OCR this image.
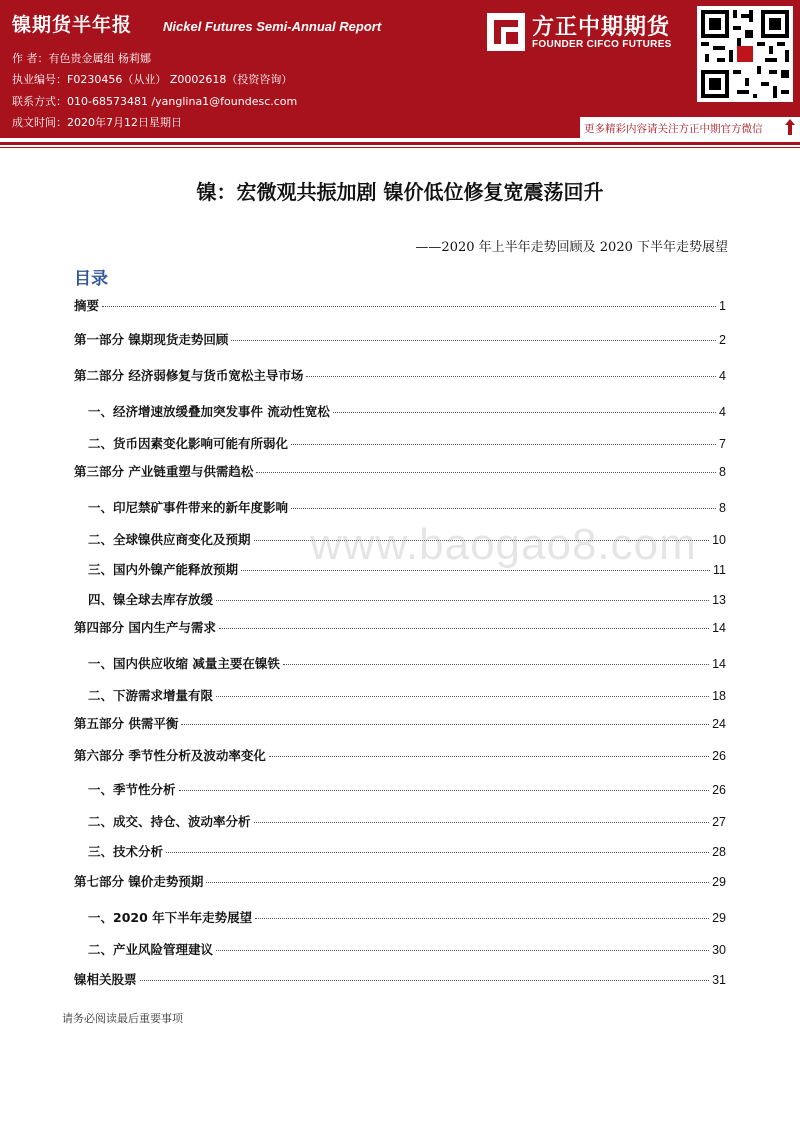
镍期货半年报 Nickel Futures Semi-Annual Report
作 者：有色贵金属组 杨莉娜
执业编号：F0230456（从业） Z0002618（投资咨询）
联系方式：010-68573481 /yanglina1@foundesc.com
成文时间：2020年7月12日星期日
方正中期期货
FOUNDER CIFCO FUTURES
更多精彩内容请关注方正中期官方微信
镍：宏微观共振加剧 镍价低位修复宽震荡回升
——2020 年上半年走势回顾及 2020 下半年走势展望
目录
摘要	1
第一部分 镍期现货走势回顾	2
第二部分 经济弱修复与货币宽松主导市场	4
一、经济增速放缓叠加突发事件 流动性宽松	4
二、货币因素变化影响可能有所弱化	7
第三部分 产业链重塑与供需趋松	8
一、印尼禁矿事件带来的新年度影响	8
二、全球镍供应商变化及预期	10
三、国内外镍产能释放预期	11
四、镍全球去库存放缓	13
第四部分 国内生产与需求	14
一、国内供应收缩 减量主要在镍铁	14
二、下游需求增量有限	18
第五部分 供需平衡	24
第六部分 季节性分析及波动率变化	26
一、季节性分析	26
二、成交、持仓、波动率分析	27
三、技术分析	28
第七部分 镍价走势预期	29
一、2020 年下半年走势展望	29
二、产业风险管理建议	30
镍相关股票	31
www.baogao8.com
请务必阅读最后重要事项
